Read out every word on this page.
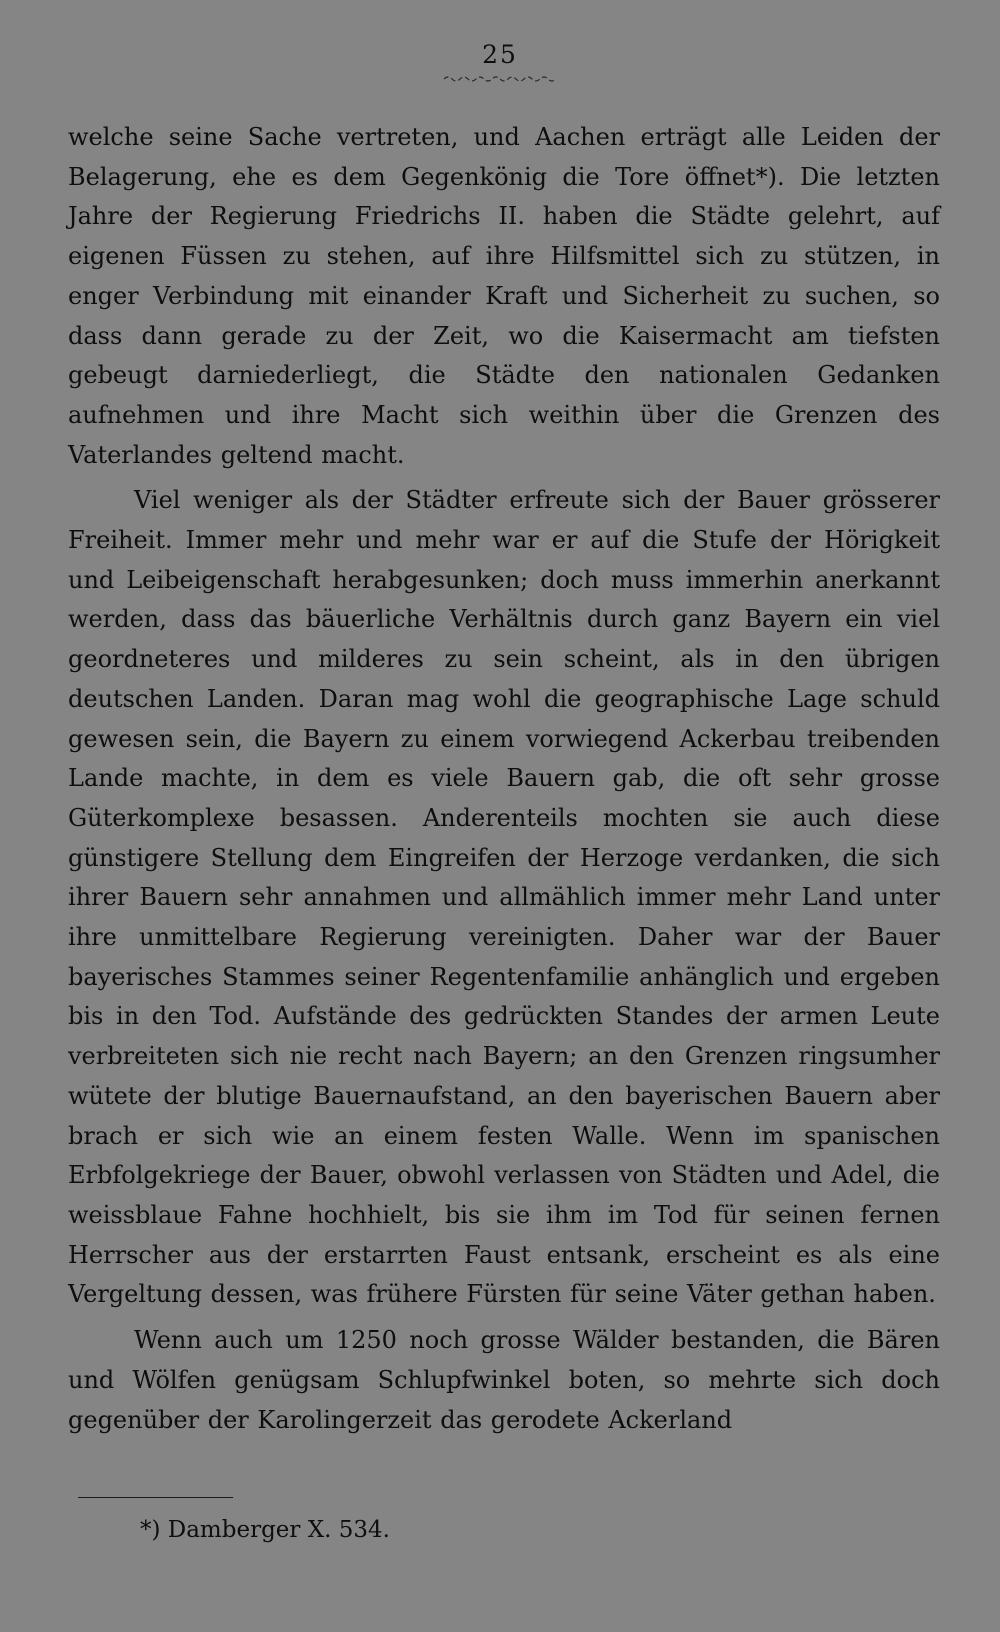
25

welche seine Sache vertreten, und Aachen erträgt alle Leiden der Belagerung, ehe es dem Gegenkönig die Tore öffnet*). Die letzten Jahre der Regierung Friedrichs II. haben die Städte gelehrt, auf eigenen Füssen zu stehen, auf ihre Hilfsmittel sich zu stützen, in enger Verbindung mit einander Kraft und Sicherheit zu suchen, so dass dann gerade zu der Zeit, wo die Kaisermacht am tiefsten gebeugt darniederliegt, die Städte den nationalen Gedanken aufnehmen und ihre Macht sich weithin über die Grenzen des Vaterlandes geltend macht.

Viel weniger als der Städter erfreute sich der Bauer grösserer Freiheit. Immer mehr und mehr war er auf die Stufe der Hörigkeit und Leibeigenschaft herabgesunken; doch muss immerhin anerkannt werden, dass das bäuerliche Verhältnis durch ganz Bayern ein viel geordneteres und milderes zu sein scheint, als in den übrigen deutschen Landen. Daran mag wohl die geographische Lage schuld gewesen sein, die Bayern zu einem vorwiegend Ackerbau treibenden Lande machte, in dem es viele Bauern gab, die oft sehr grosse Güterkomplexe besassen. Anderenteils mochten sie auch diese günstigere Stellung dem Eingreifen der Herzoge verdanken, die sich ihrer Bauern sehr annahmen und allmählich immer mehr Land unter ihre unmittelbare Regierung vereinigten. Daher war der Bauer bayerisches Stammes seiner Regentenfamilie anhänglich und ergeben bis in den Tod. Aufstände des gedrückten Standes der armen Leute verbreiteten sich nie recht nach Bayern; an den Grenzen ringsumher wütete der blutige Bauernaufstand, an den bayerischen Bauern aber brach er sich wie an einem festen Walle. Wenn im spanischen Erbfolgekriege der Bauer, obwohl verlassen von Städten und Adel, die weissblaue Fahne hochhielt, bis sie ihm im Tod für seinen fernen Herrscher aus der erstarrten Faust entsank, erscheint es als eine Vergeltung dessen, was frühere Fürsten für seine Väter gethan haben.

Wenn auch um 1250 noch grosse Wälder bestanden, die Bären und Wölfen genügsam Schlupfwinkel boten, so mehrte sich doch gegenüber der Karolingerzeit das gerodete Ackerland

*) Damberger X. 534.
